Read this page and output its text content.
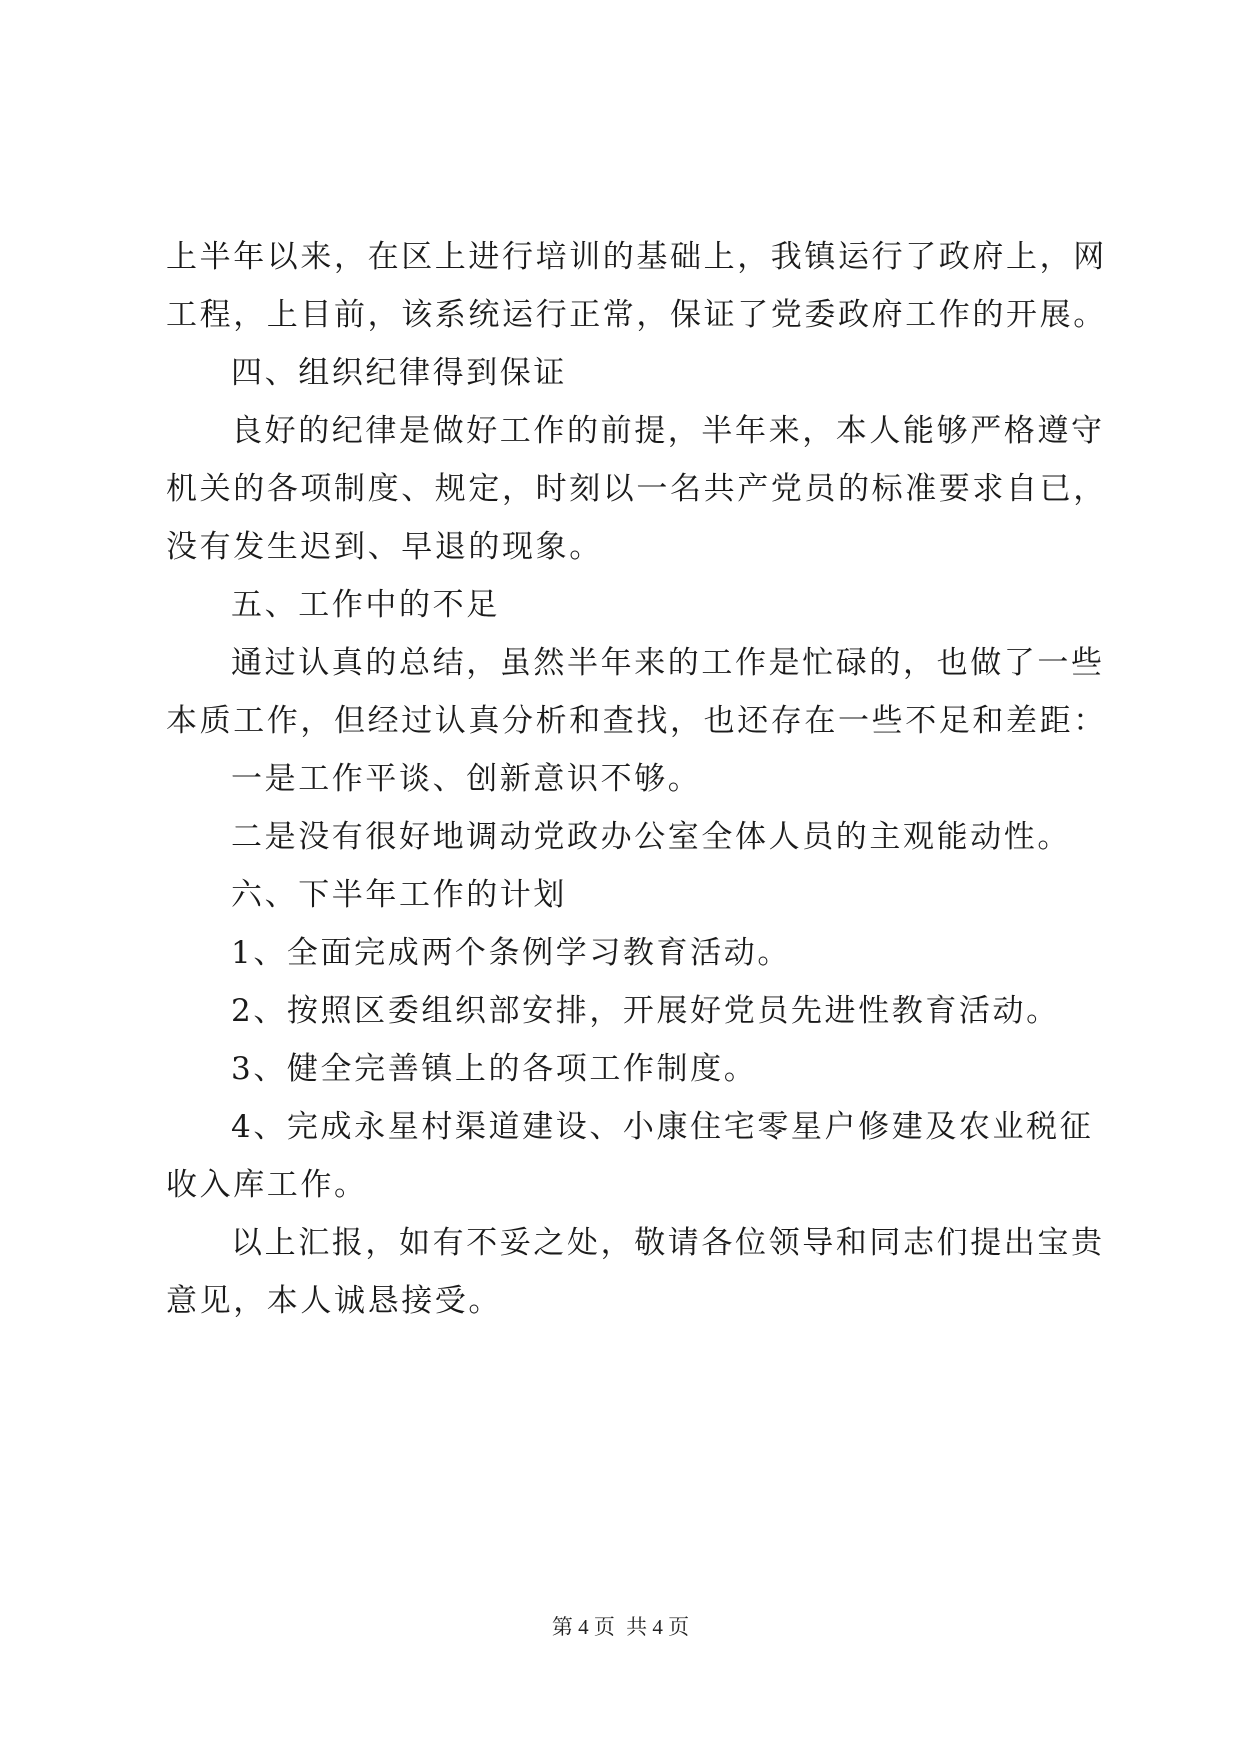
上半年以来，在区上进行培训的基础上，我镇运行了政府上，网
工程，上目前，该系统运行正常，保证了党委政府工作的开展。
四、组织纪律得到保证
良好的纪律是做好工作的前提，半年来，本人能够严格遵守
机关的各项制度、规定，时刻以一名共产党员的标准要求自已，
没有发生迟到、早退的现象。
五、工作中的不足
通过认真的总结，虽然半年来的工作是忙碌的，也做了一些
本质工作，但经过认真分析和查找，也还存在一些不足和差距：
一是工作平谈、创新意识不够。
二是没有很好地调动党政办公室全体人员的主观能动性。
六、下半年工作的计划
1、全面完成两个条例学习教育活动。
2、按照区委组织部安排，开展好党员先进性教育活动。
3、健全完善镇上的各项工作制度。
4、完成永星村渠道建设、小康住宅零星户修建及农业税征
收入库工作。
以上汇报，如有不妥之处，敬请各位领导和同志们提出宝贵
意见，本人诚恳接受。
第 4 页 共 4 页
